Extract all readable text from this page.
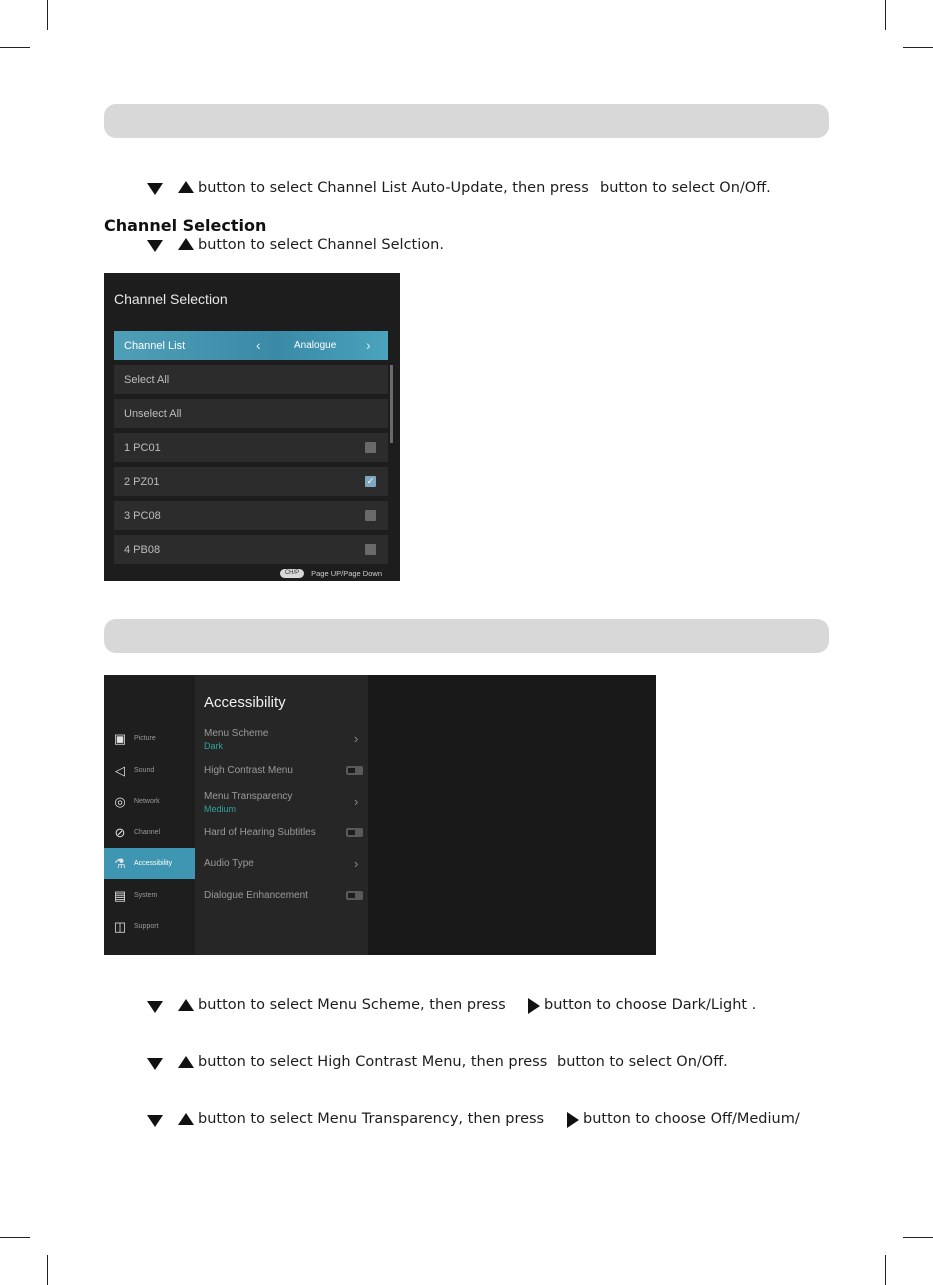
button to select Channel List Auto-Update, then press button to select On/Off.
Channel Selection
button to select Channel Selction.
Channel Selection
Channel List	‹	Analogue ›
Select All
Unselect All
1 PC01
2 PZ01	✓
3 PC08
4 PB08
CH/P	Page UP/Page Down
▣ Picture
◁	Sound
◎	Network
⊘	Channel
⚗	Accessibility
▤ System
◫ Support
Accessibility
Menu Scheme
Dark	›
High Contrast Menu
Menu Transparency
Medium	›
Hard of Hearing Subtitles
Audio Type	›
Dialogue Enhancement
button to select Menu Scheme, then press	button to choose Dark/Light .
button to select High Contrast Menu, then press button to select On/Off.
button to select Menu Transparency, then press	button to choose Off/Medium/
